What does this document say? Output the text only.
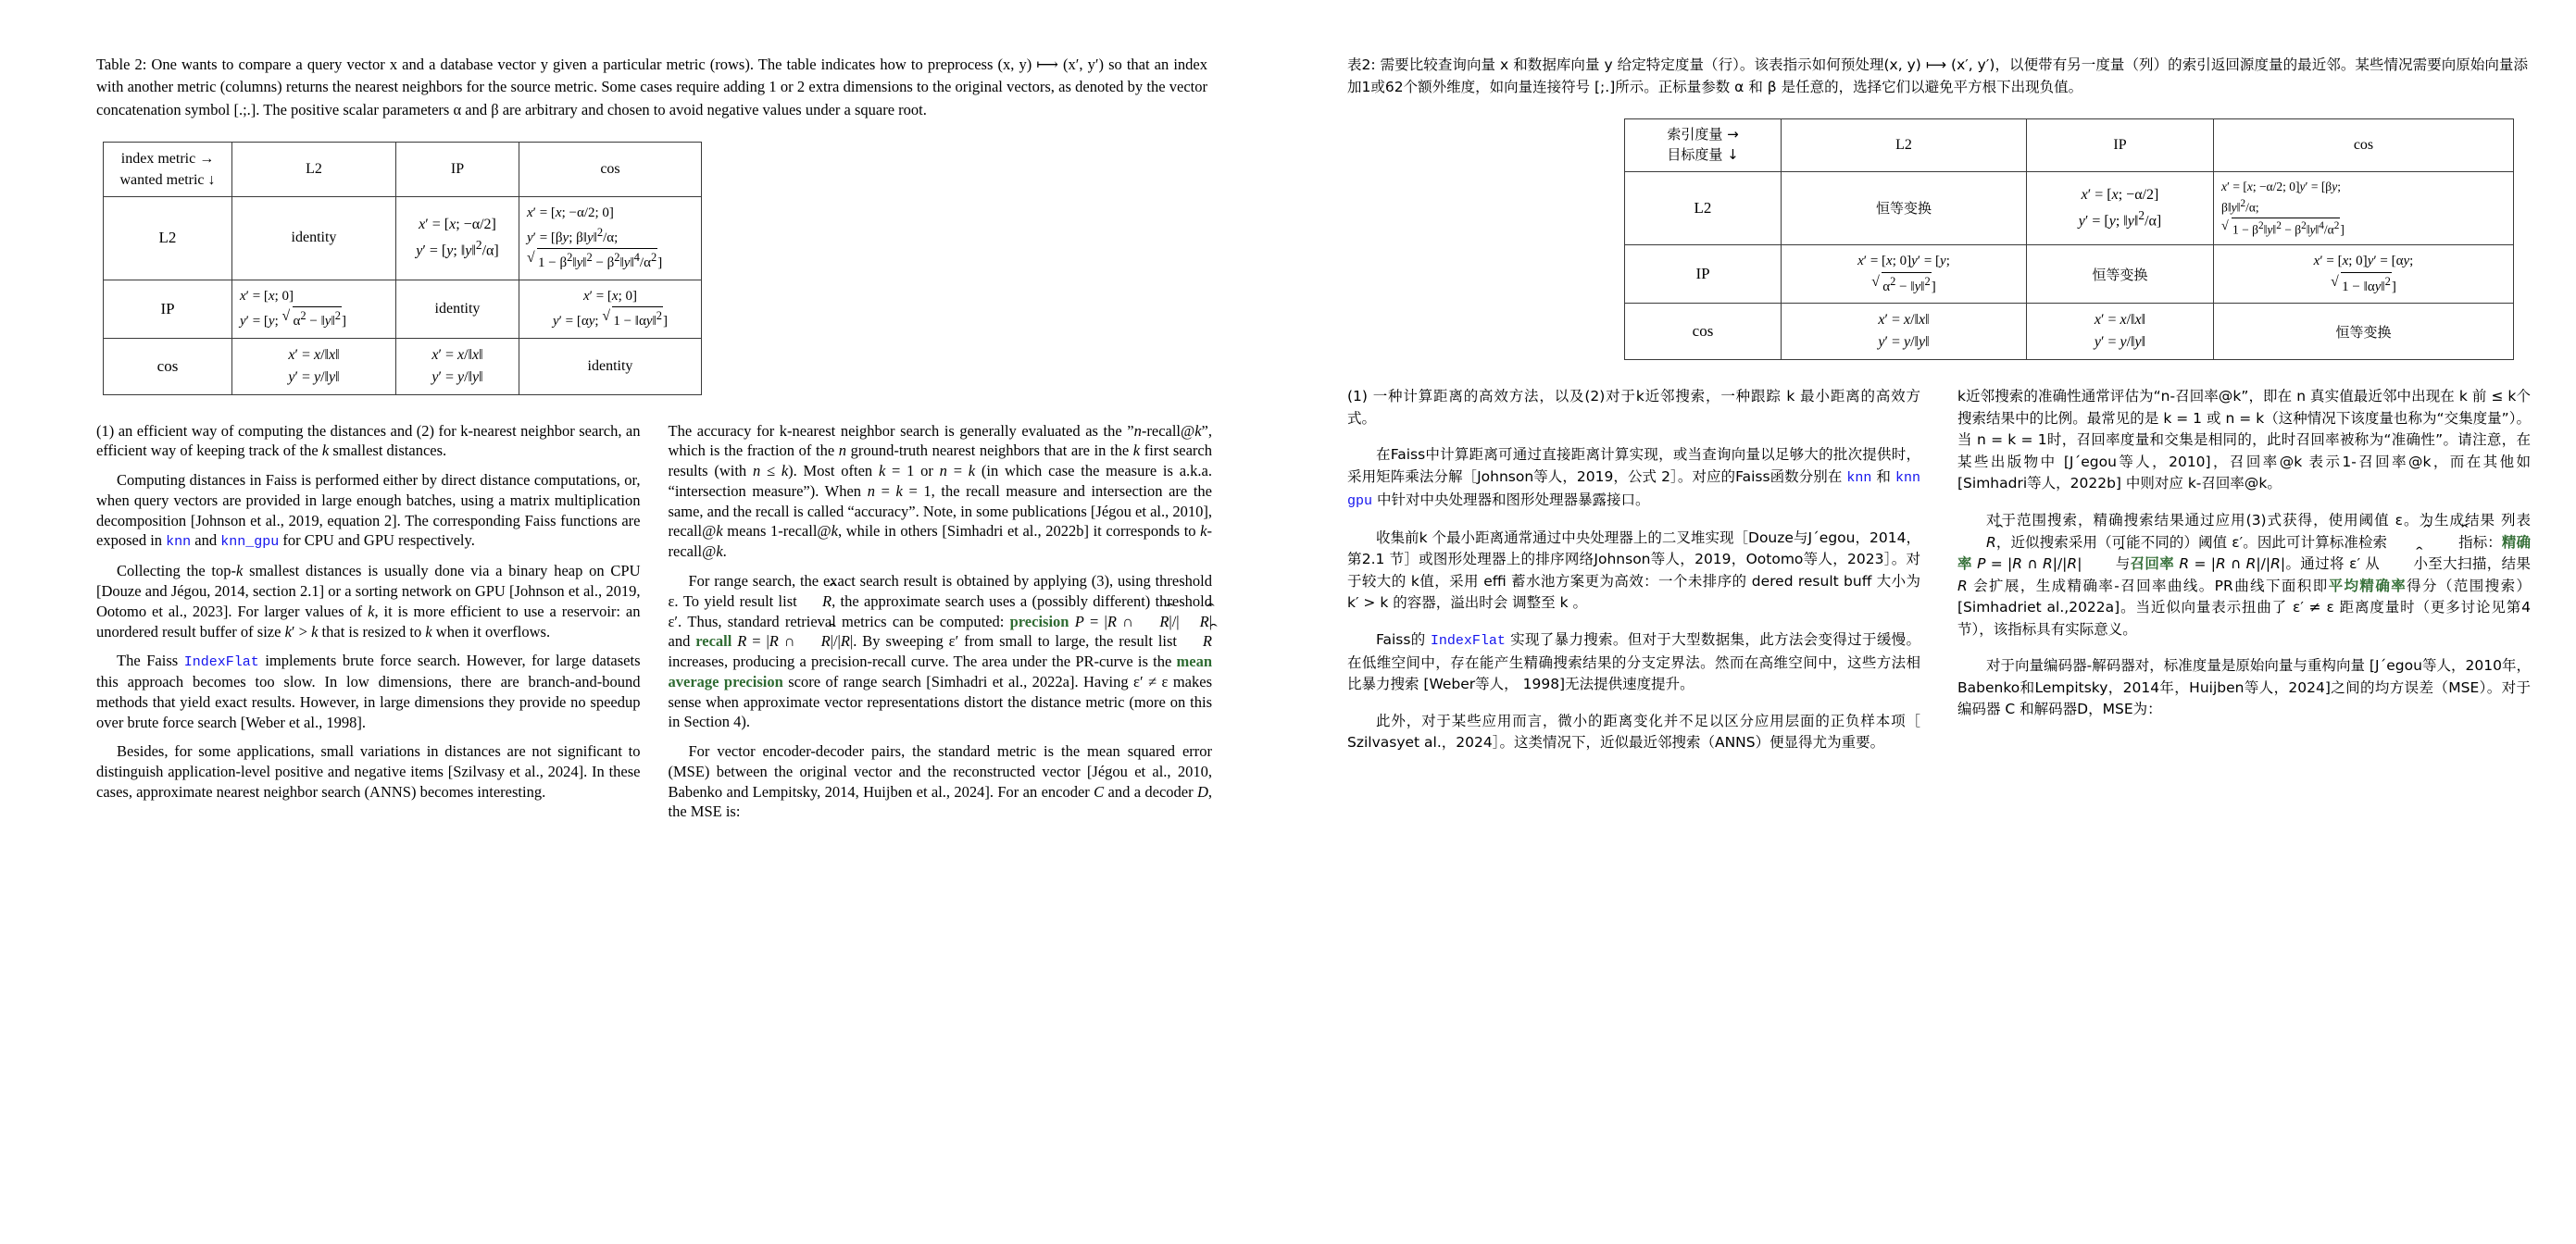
Table 2: One wants to compare a query vector x and a database vector y given a particular metric (rows). The table indicates how to preprocess (x, y) ⟼ (x′, y′) so that an index with another metric (columns) returns the nearest neighbors for the source metric. Some cases require adding 1 or 2 extra dimensions to the original vectors, as denoted by the vector concatenation symbol [.;.]. The positive scalar parameters α and β are arbitrary and chosen to avoid negative values under a square root.
index metric →
wanted metric ↓	L2	IP	cos
L2	identity	x′ = [x; −α/2]
y′ = [y; ‖y‖$^2$/α]	x′ = [x; −α/2; 0]
y′ = [βy; β‖y‖$^2$/α;
√ $1 - \beta^2‖y‖^2$ − $\beta^2‖y‖^4/\alpha^2$]

IP	x′ = [x; 0]
y′ = [y; √ $\alpha^2$ − ‖y‖$^2$]	identity	x′ = [x; 0]
y′ = [αy; √ 1 − ‖αy‖$^2$]

cos	x′ = x/‖x‖
y′ = y/‖y‖	x′ = x/‖x‖
y′ = y/‖y‖	identity

(1) an efficient way of computing the distances and (2) for k-nearest neighbor search, an efficient way of keeping track of the k smallest distances.

Computing distances in Faiss is performed either by direct distance computations, or, when query vectors are provided in large enough batches, using a matrix multiplication decomposition [Johnson et al., 2019, equation 2]. The corresponding Faiss functions are exposed in knn and knn_gpu for CPU and GPU respectively.

Collecting the top-k smallest distances is usually done via a binary heap on CPU [Douze and Jégou, 2014, section 2.1] or a sorting network on GPU [Johnson et al., 2019, Ootomo et al., 2023]. For larger values of k, it is more efficient to use a reservoir: an unordered result buffer of size k′ > k that is resized to k when it overflows.

The Faiss IndexFlat implements brute force search. However, for large datasets this approach becomes too slow. In low dimensions, there are branch-and-bound methods that yield exact results. However, in large dimensions they provide no speedup over brute force search [Weber et al., 1998].

Besides, for some applications, small variations in distances are not significant to distinguish application-level positive and negative items [Szilvasy et al., 2024]. In these cases, approximate nearest neighbor search (ANNS) becomes interesting.

The accuracy for k-nearest neighbor search is generally evaluated as the ”n-recall@k”, which is the fraction of the n ground-truth nearest neighbors that are in the k first search results (with n ≤ k). Most often k = 1 or n = k (in which case the measure is a.k.a. “intersection measure”). When n = k = 1, the recall measure and intersection are the same, and the recall is called “accuracy”. Note, in some publications [Jégou et al., 2010], recall@k means 1-recall@k, while in others [Simhadri et al., 2022b] it corresponds to k-recall@k.

For range search, the exact search result is obtained by applying (3), using threshold ε. To yield result list R ˆ, the approximate search uses a (possibly different) threshold ε′. Thus, standard retrieval metrics can be computed: precision P = |R ∩ R ˆ|/| R ˆ| and recall R = |R ∩ R ˆ|/|R|. By sweeping ε′ from small to large, the result list R ˆ increases, producing a precision-recall curve. The area under the PR-curve is the mean average precision score of range search [Simhadri et al., 2022a]. Having ε′ ≠ ε makes sense when approximate vector representations distort the distance metric (more on this in Section 4).

For vector encoder-decoder pairs, the standard metric is the mean squared error (MSE) between the original vector and the reconstructed vector [Jégou et al., 2010, Babenko and Lempitsky, 2014, Huijben et al., 2024]. For an encoder C and a decoder D, the MSE is:

表2: 需要比较查询向量 x 和数据库向量 y 给定特定度量（行）。该表指示如何预处理(x, y) ⟼ (x′, y′)，以便带有另一度量（列）的索引返回源度量的最近邻。某些情况需要向原始向量添加1或62个额外维度，如向量连接符号 [;.]所示。正标量参数 α 和 β 是任意的，选择它们以避免平方根下出现负值。
索引度量 →
目标度量 ↓	L2	IP	cos
L2	恒等变换	x′ = [x; −α/2]
y′ = [y; ‖y‖$^2$/α]	x′ = [x; −α/2; 0]y′ = [βy;
β‖y‖$^2$/α;
√ $1 - \beta^2‖y‖^2$ − $\beta^2‖y‖^4/\alpha^2$]

IP	x′ = [x; 0]y′ = [y;
√ $\alpha^2$ − ‖y‖$^2$]	恒等变换	x′ = [x; 0]y′ = [αy;
√ 1 − ‖αy‖$^2$]

cos	x′ = x/‖x‖
y′ = y/‖y‖	x′ = x/‖x‖
y′ = y/‖y‖	恒等变换

(1) 一种计算距离的高效方法，以及(2)对于k近邻搜索，一种跟踪 k 最小距离的高效方式。

在Faiss中计算距离可通过直接距离计算实现，或当查询向量以足够大的批次提供时，采用矩阵乘法分解［Johnson等人，2019，公式 2］。对应的Faiss函数分别在 knn 和 knn gpu 中针对中央处理器和图形处理器暴露接口。

收集前k 个最小距离通常通过中央处理器上的二叉堆实现［Douze与J´egou，2014，第2.1 节］或图形处理器上的排序网络Johnson等人，2019，Ootomo等人，2023］。对于较大的 k值，采用 effi 蓄水池方案更为高效：一个未排序的 dered result buff 大小为 k′ > k 的容器，溢出时会 调整至 k 。

Faiss的 IndexFlat 实现了暴力搜索。但对于大型数据集，此方法会变得过于缓慢。在低维空间中，存在能产生精确搜索结果的分支定界法。然而在高维空间中，这些方法相比暴力搜索 [Weber等人， 1998]无法提供速度提升。

此外，对于某些应用而言，微小的距离变化并不足以区分应用层面的正负样本项［ Szilvasyet al.，2024］。这类情况下，近似最近邻搜索（ANNS）便显得尤为重要。

k近邻搜索的准确性通常评估为“n-召回率@k”，即在 n 真实值最近邻中出现在 k 前 ≤ k个搜索结果中的比例。最常见的是 k = 1 或 n = k（这种情况下该度量也称为“交集度量”）。当 n = k = 1时，召回率度量和交集是相同的，此时召回率被称为“准确性”。请注意，在某些出版物中 [J´egou等人，2010]，召回率@k 表示1-召回率@k，而在其他如 [Simhadri等人，2022b] 中则对应 k-召回率@k。

对于范围搜索，精确搜索结果通过应用(3)式获得，使用阈值 ε。为生成结果 列表 R ˆ，近似搜索采用（可能不同的）阈值 ε′。因此可计算标准检索 ˆ ˆ	指标：精确率 P = |R ∩ R|/|R| ˆ 与召回率 R = |R ∩ R|/|R|。通过将 ε′ 从  ˆ 小至大扫描，结果 R 会扩展，生成精确率-召回率曲线。PR曲线下面积即平均精确率得分（范围搜索）[Simhadriet al.,2022a]。当近似向量表示扭曲了 ε′ ≠ ε 距离度量时（更多讨论见第4节），该指标具有实际意义。

对于向量编码器-解码器对，标准度量是原始向量与重构向量 [J´egou等人，2010年，Babenko和Lempitsky，2014年，Huijben等人，2024]之间的均方误差（MSE）。对于编码器 C 和解码器D，MSE为：
